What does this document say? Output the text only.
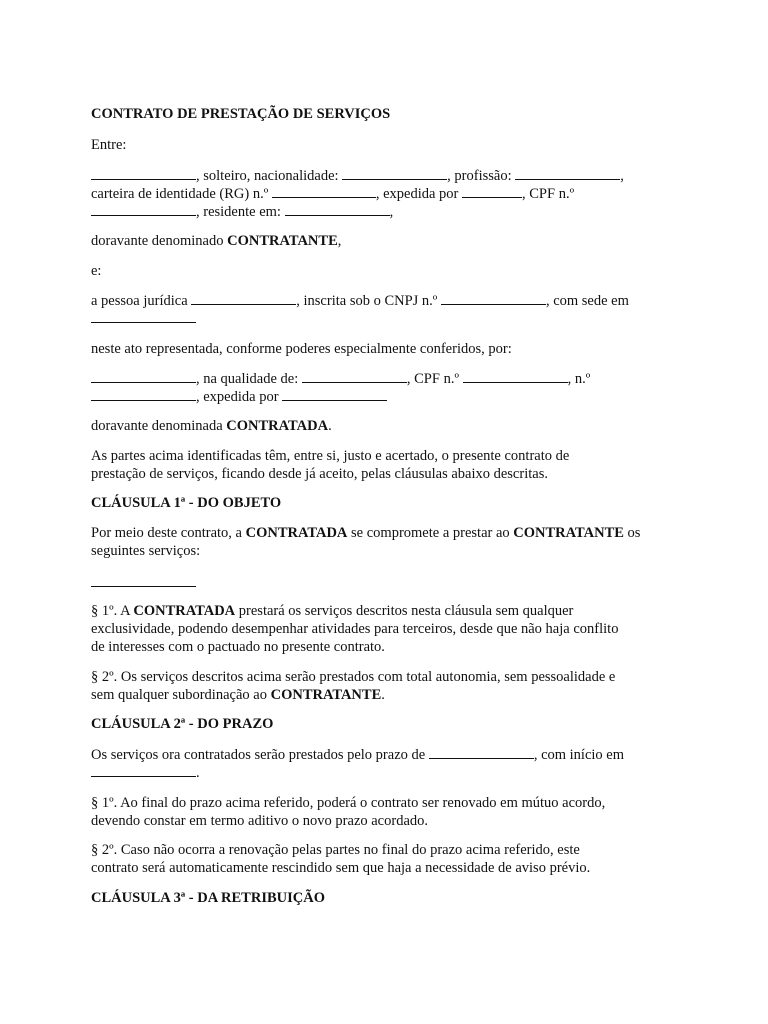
CONTRATO DE PRESTAÇÃO DE SERVIÇOS

Entre:

, solteiro, nacionalidade:	, profissão:	,

carteira de identidade (RG) n.º	, expedida por	, CPF n.º

, residente em:	,

doravante denominado CONTRATANTE,

e:

a pessoa jurídica	, inscrita sob o CNPJ n.º	, com sede em

neste ato representada, conforme poderes especialmente conferidos, por:

, na qualidade de:	, CPF n.º	, n.º

, expedida por

doravante denominada CONTRATADA.

As partes acima identificadas têm, entre si, justo e acertado, o presente contrato de

prestação de serviços, ficando desde já aceito, pelas cláusulas abaixo descritas.

CLÁUSULA 1ª - DO OBJETO

Por meio deste contrato, a CONTRATADA se compromete a prestar ao CONTRATANTE os

seguintes serviços:

§ 1º. A CONTRATADA prestará os serviços descritos nesta cláusula sem qualquer

exclusividade, podendo desempenhar atividades para terceiros, desde que não haja conflito

de interesses com o pactuado no presente contrato.

§ 2º. Os serviços descritos acima serão prestados com total autonomia, sem pessoalidade e

sem qualquer subordinação ao CONTRATANTE.

CLÁUSULA 2ª - DO PRAZO

Os serviços ora contratados serão prestados pelo prazo de	, com início em

.

§ 1º. Ao final do prazo acima referido, poderá o contrato ser renovado em mútuo acordo,

devendo constar em termo aditivo o novo prazo acordado.

§ 2º. Caso não ocorra a renovação pelas partes no final do prazo acima referido, este

contrato será automaticamente rescindido sem que haja a necessidade de aviso prévio.

CLÁUSULA 3ª - DA RETRIBUIÇÃO
